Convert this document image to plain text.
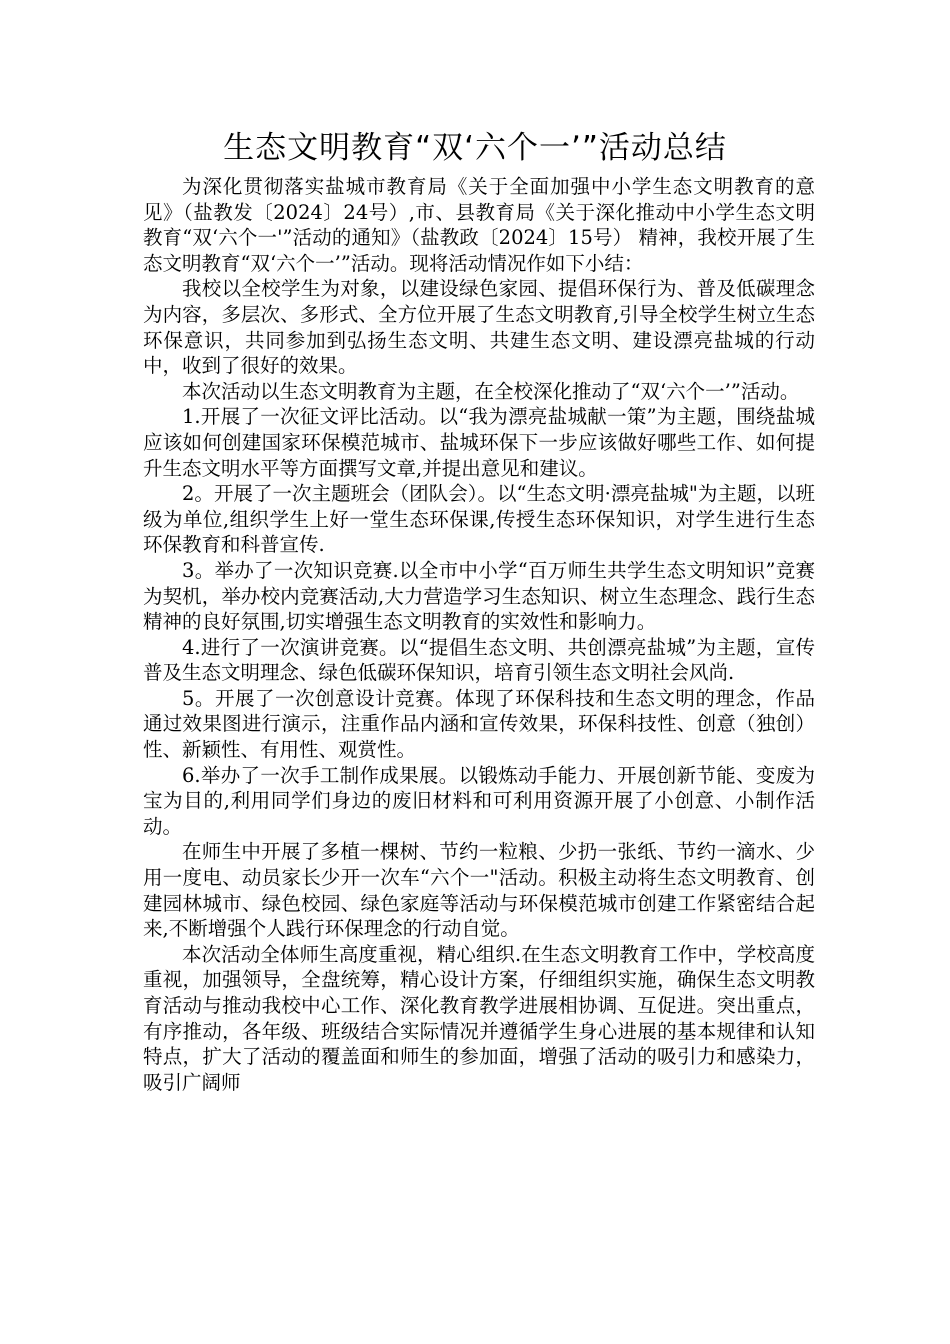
生态文明教育“双‘六个一’”活动总结

为深化贯彻落实盐城市教育局《关于全面加强中小学生态文明教育的意见》（盐教发〔2024〕24号）,市、县教育局《关于深化推动中小学生态文明教育“双‘六个一'”活动的通知》（盐教政〔2024〕15号） 精神，我校开展了生态文明教育“双‘六个一’”活动。现将活动情况作如下小结：

我校以全校学生为对象，以建设绿色家园、提倡环保行为、普及低碳理念为内容，多层次、多形式、全方位开展了生态文明教育,引导全校学生树立生态环保意识，共同参加到弘扬生态文明、共建生态文明、建设漂亮盐城的行动中，收到了很好的效果。

本次活动以生态文明教育为主题，在全校深化推动了“双‘六个一’”活动。

1.开展了一次征文评比活动。以“我为漂亮盐城献一策”为主题，围绕盐城应该如何创建国家环保模范城市、盐城环保下一步应该做好哪些工作、如何提升生态文明水平等方面撰写文章,并提出意见和建议。

2。开展了一次主题班会（团队会）。以“生态文明·漂亮盐城"为主题，以班级为单位,组织学生上好一堂生态环保课,传授生态环保知识，对学生进行生态环保教育和科普宣传.

3。举办了一次知识竞赛.以全市中小学“百万师生共学生态文明知识”竞赛为契机，举办校内竞赛活动,大力营造学习生态知识、树立生态理念、践行生态精神的良好氛围,切实增强生态文明教育的实效性和影响力。

4.进行了一次演讲竞赛。以“提倡生态文明、共创漂亮盐城”为主题，宣传普及生态文明理念、绿色低碳环保知识，培育引领生态文明社会风尚.

5。开展了一次创意设计竞赛。体现了环保科技和生态文明的理念，作品通过效果图进行演示，注重作品内涵和宣传效果，环保科技性、创意（独创）性、新颖性、有用性、观赏性。

6.举办了一次手工制作成果展。以锻炼动手能力、开展创新节能、变废为宝为目的,利用同学们身边的废旧材料和可利用资源开展了小创意、小制作活动。

在师生中开展了多植一棵树、节约一粒粮、少扔一张纸、节约一滴水、少用一度电、动员家长少开一次车“六个一"活动。积极主动将生态文明教育、创建园林城市、绿色校园、绿色家庭等活动与环保模范城市创建工作紧密结合起来,不断增强个人践行环保理念的行动自觉。

本次活动全体师生高度重视，精心组织.在生态文明教育工作中，学校高度重视，加强领导，全盘统筹，精心设计方案，仔细组织实施，确保生态文明教育活动与推动我校中心工作、深化教育教学进展相协调、互促进。突出重点，有序推动，各年级、班级结合实际情况并遵循学生身心进展的基本规律和认知特点，扩大了活动的覆盖面和师生的参加面，增强了活动的吸引力和感染力，吸引广阔师
